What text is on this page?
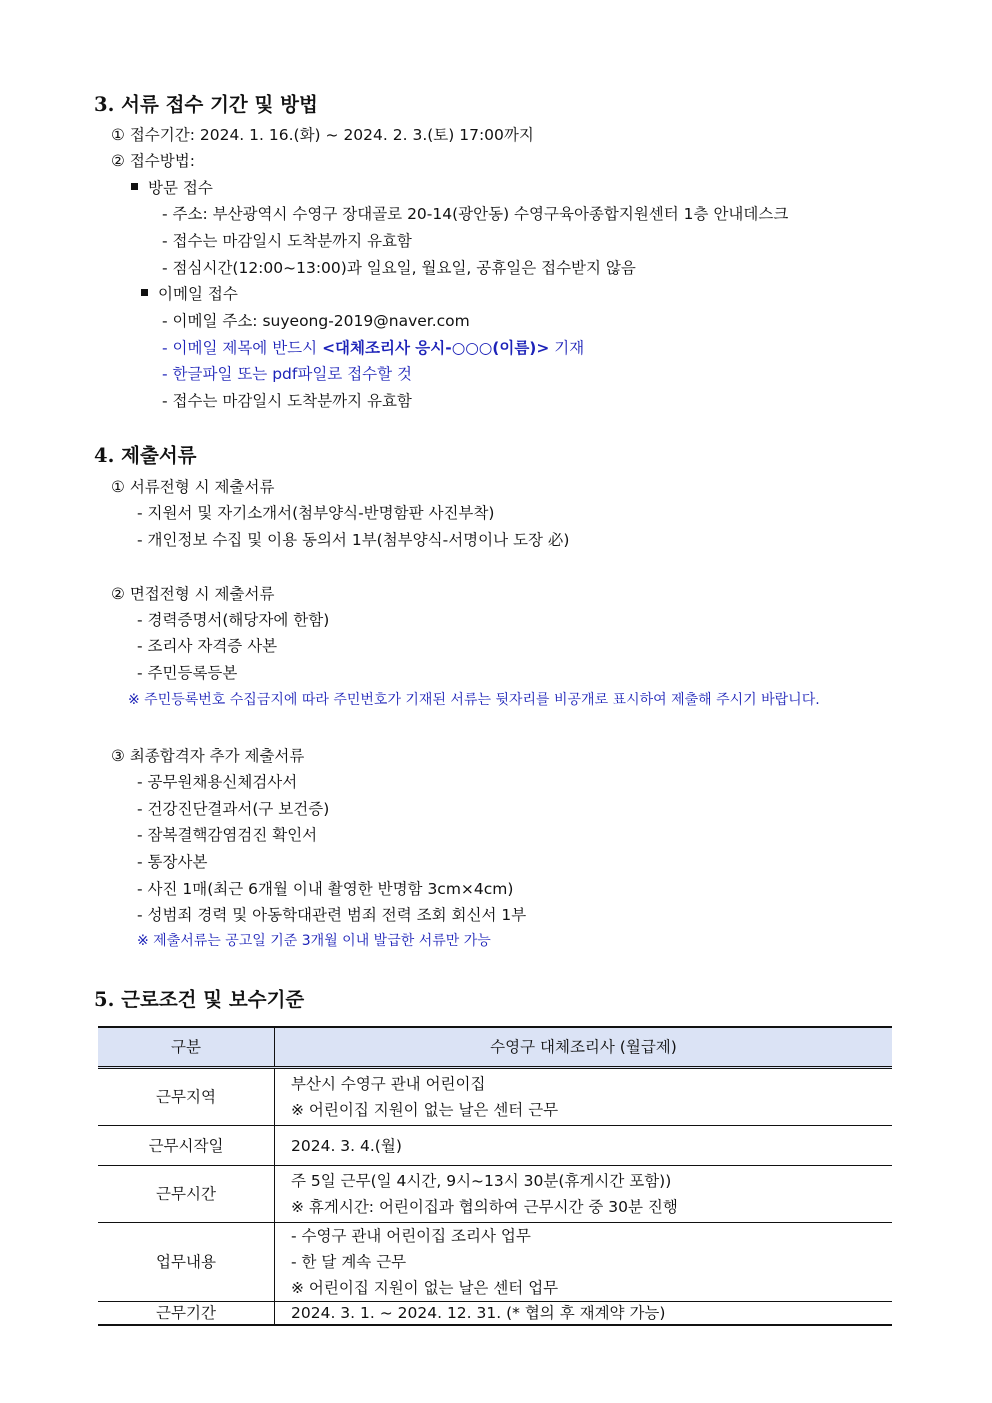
3. 서류 접수 기간 및 방법
① 접수기간: 2024. 1. 16.(화) ~ 2024. 2. 3.(토) 17:00까지
② 접수방법:
방문 접수
- 주소: 부산광역시 수영구 장대골로 20-14(광안동) 수영구육아종합지원센터 1층 안내데스크
- 접수는 마감일시 도착분까지 유효함
- 점심시간(12:00~13:00)과 일요일, 월요일, 공휴일은 접수받지 않음
이메일 접수
- 이메일 주소: suyeong-2019@naver.com
- 이메일 제목에 반드시 <대체조리사 응시-○○○(이름)> 기재
- 한글파일 또는 pdf파일로 접수할 것
- 접수는 마감일시 도착분까지 유효함
4. 제출서류
① 서류전형 시 제출서류
- 지원서 및 자기소개서(첨부양식-반명함판 사진부착)
- 개인정보 수집 및 이용 동의서 1부(첨부양식-서명이나 도장 必)
② 면접전형 시 제출서류
- 경력증명서(해당자에 한함)
- 조리사 자격증 사본
- 주민등록등본
※ 주민등록번호 수집금지에 따라 주민번호가 기재된 서류는 뒷자리를 비공개로 표시하여 제출해 주시기 바랍니다.
③ 최종합격자 추가 제출서류
- 공무원채용신체검사서
- 건강진단결과서(구 보건증)
- 잠복결핵감염검진 확인서
- 통장사본
- 사진 1매(최근 6개월 이내 촬영한 반명함 3cm×4cm)
- 성범죄 경력 및 아동학대관련 범죄 전력 조회 회신서 1부
※ 제출서류는 공고일 기준 3개월 이내 발급한 서류만 가능
5. 근로조건 및 보수기준
구분	수영구 대체조리사 (월급제)
근무지역	부산시 수영구 관내 어린이집
※ 어린이집 지원이 없는 날은 센터 근무

근무시작일	2024. 3. 4.(월)

근무시간	주 5일 근무(일 4시간, 9시~13시 30분(휴게시간 포함))
※ 휴게시간: 어린이집과 협의하여 근무시간 중 30분 진행

업무내용	- 수영구 관내 어린이집 조리사 업무
- 한 달 계속 근무
※ 어린이집 지원이 없는 날은 센터 업무

근무기간	2024. 3. 1. ~ 2024. 12. 31. (* 협의 후 재계약 가능)
